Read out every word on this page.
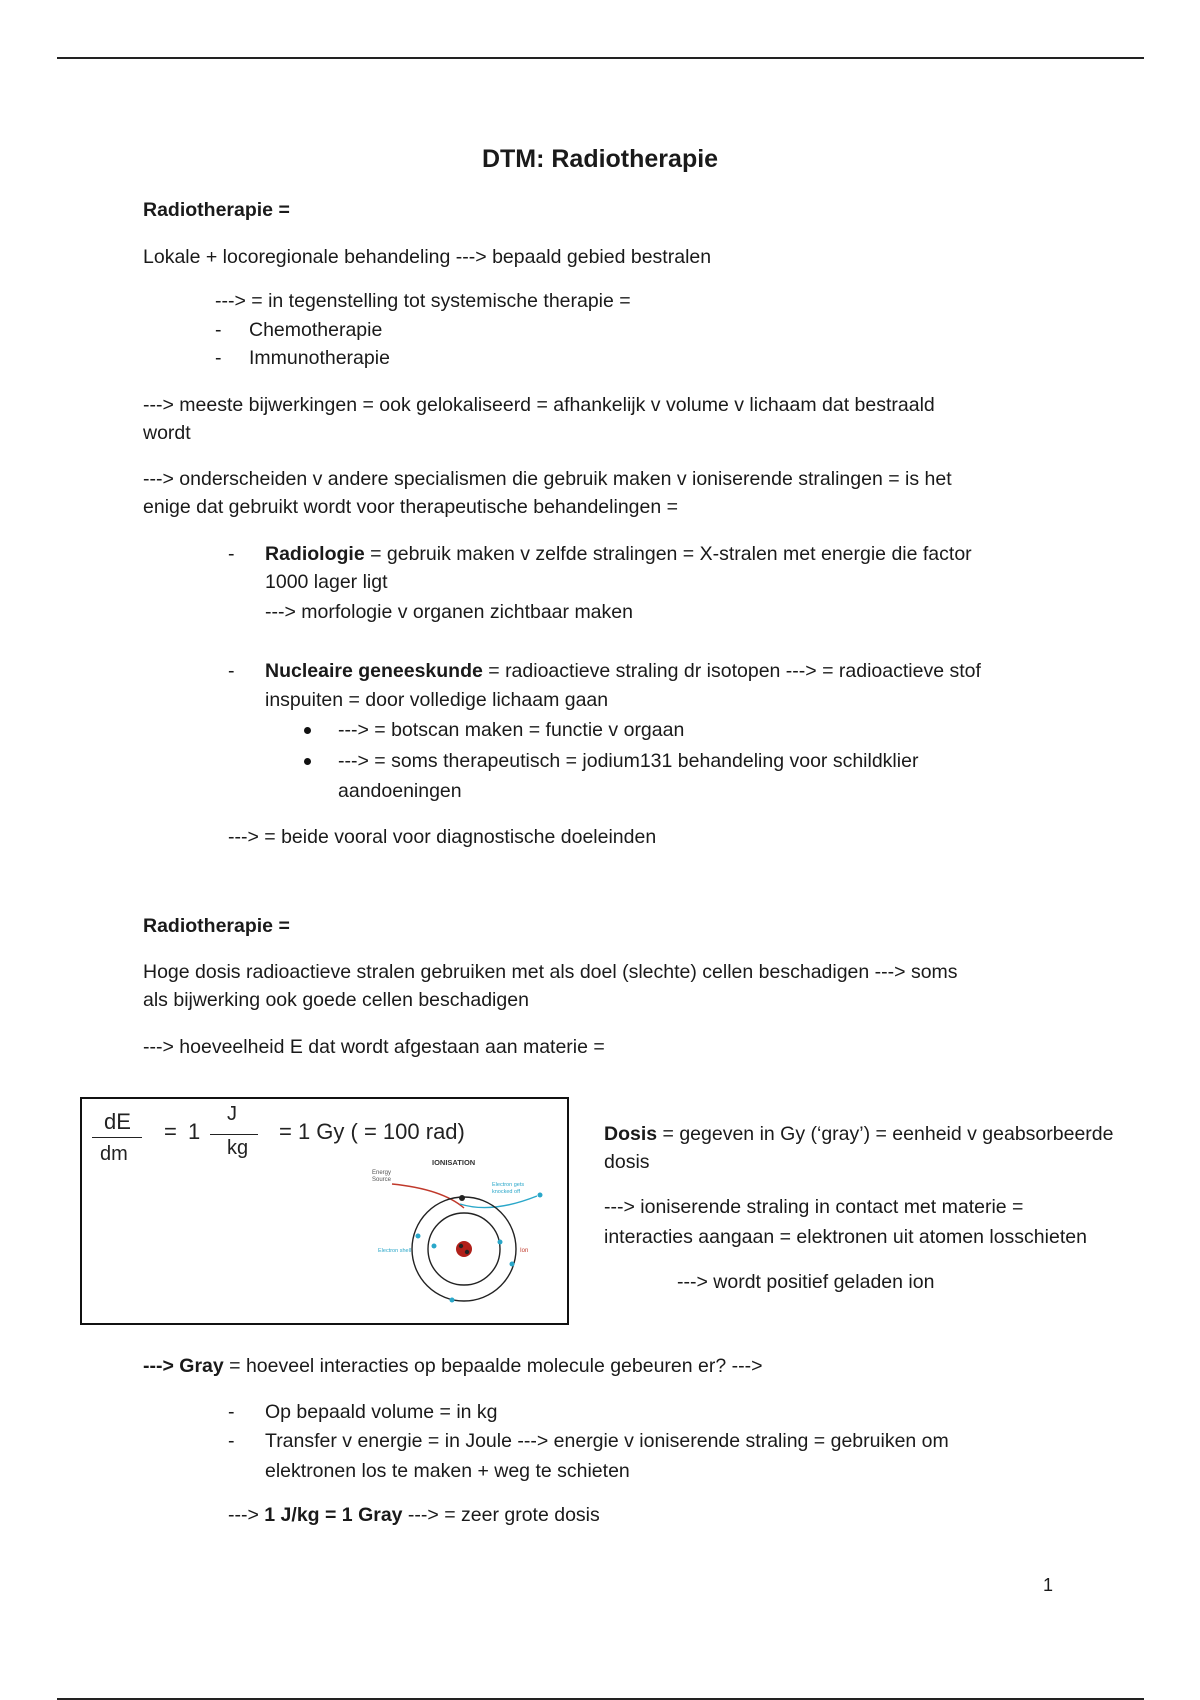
DTM: Radiotherapie
Radiotherapie =
Lokale + locoregionale behandeling ---> bepaald gebied bestralen
---> = in tegenstelling tot systemische therapie =
- Chemotherapie
- Immunotherapie
---> meeste bijwerkingen = ook gelokaliseerd = afhankelijk v volume v lichaam dat bestraald
wordt
---> onderscheiden v andere specialismen die gebruik maken v ioniserende stralingen = is het
enige dat gebruikt wordt voor therapeutische behandelingen =
- Radiologie = gebruik maken v zelfde stralingen = X-stralen met energie die factor
1000 lager ligt
---> morfologie v organen zichtbaar maken
- Nucleaire geneeskunde = radioactieve straling dr isotopen ---> = radioactieve stof
inspuiten = door volledige lichaam gaan
---> = botscan maken = functie v orgaan
---> = soms therapeutisch = jodium131 behandeling voor schildklier
aandoeningen
---> = beide vooral voor diagnostische doeleinden
Radiotherapie =
Hoge dosis radioactieve stralen gebruiken met als doel (slechte) cellen beschadigen ---> soms
als bijwerking ook goede cellen beschadigen
---> hoeveelheid E dat wordt afgestaan aan materie =
dE
dm
= 1
J
kg
= 1 Gy ( = 100 rad)
IONISATION
Energy
Source
Electron gets
knocked off
Electron shell	Ion
Dosis = gegeven in Gy (‘gray’) = eenheid v geabsorbeerde
dosis
---> ioniserende straling in contact met materie =
interacties aangaan = elektronen uit atomen losschieten
---> wordt positief geladen ion
---> Gray = hoeveel interacties op bepaalde molecule gebeuren er? --->
- Op bepaald volume = in kg
- Transfer v energie = in Joule ---> energie v ioniserende straling = gebruiken om
elektronen los te maken + weg te schieten
---> 1 J/kg = 1 Gray ---> = zeer grote dosis
1
